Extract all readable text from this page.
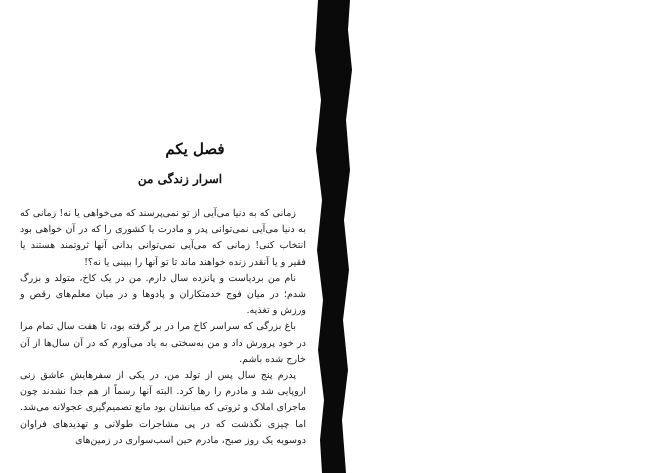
فصل یکم
اسرار زندگی من

زمانی که به دنیا می‌آیی از تو نمی‌پرسند که می‌خواهی یا نه! زمانی که به دنیا می‌آیی نمی‌توانی پدر و مادرت یا کشوری را که در آن خواهی بود انتخاب کنی! زمانی که می‌آیی نمی‌توانی بدانی آنها ثروتمند هستند یا فقیر و یا آنقدر زنده خواهند ماند تا تو آنها را ببینی یا نه؟!

نام من بردیاست و پانزده سال دارم. من در یک کاخ، متولد و بزرگ شدم؛ در میان فوج خدمتکاران و پادوها و در میان معلم‌های رقص و ورزش و تغذیه.

باغ بزرگی که سراسر کاخ مرا در بر گرفته بود، تا هفت سال تمام مرا در خود پرورش داد و من به‌سختی به یاد می‌آورم که در آن سال‌ها از آن خارج شده باشم.

پدرم پنج سال پس از تولد من، در یکی از سفرهایش عاشق زنی اروپایی شد و مادرم را رها کرد. البته آنها رسماً از هم جدا نشدند چون ماجرای املاک و ثروتی که میانشان بود مانع تصمیم‌گیری عجولانه می‌شد. اما چیزی نگذشت که در پی مشاجرات طولانی و تهدیدهای فراوان دوسویه یک روز صبح، مادرم حین اسب‌سواری در زمین‌های
